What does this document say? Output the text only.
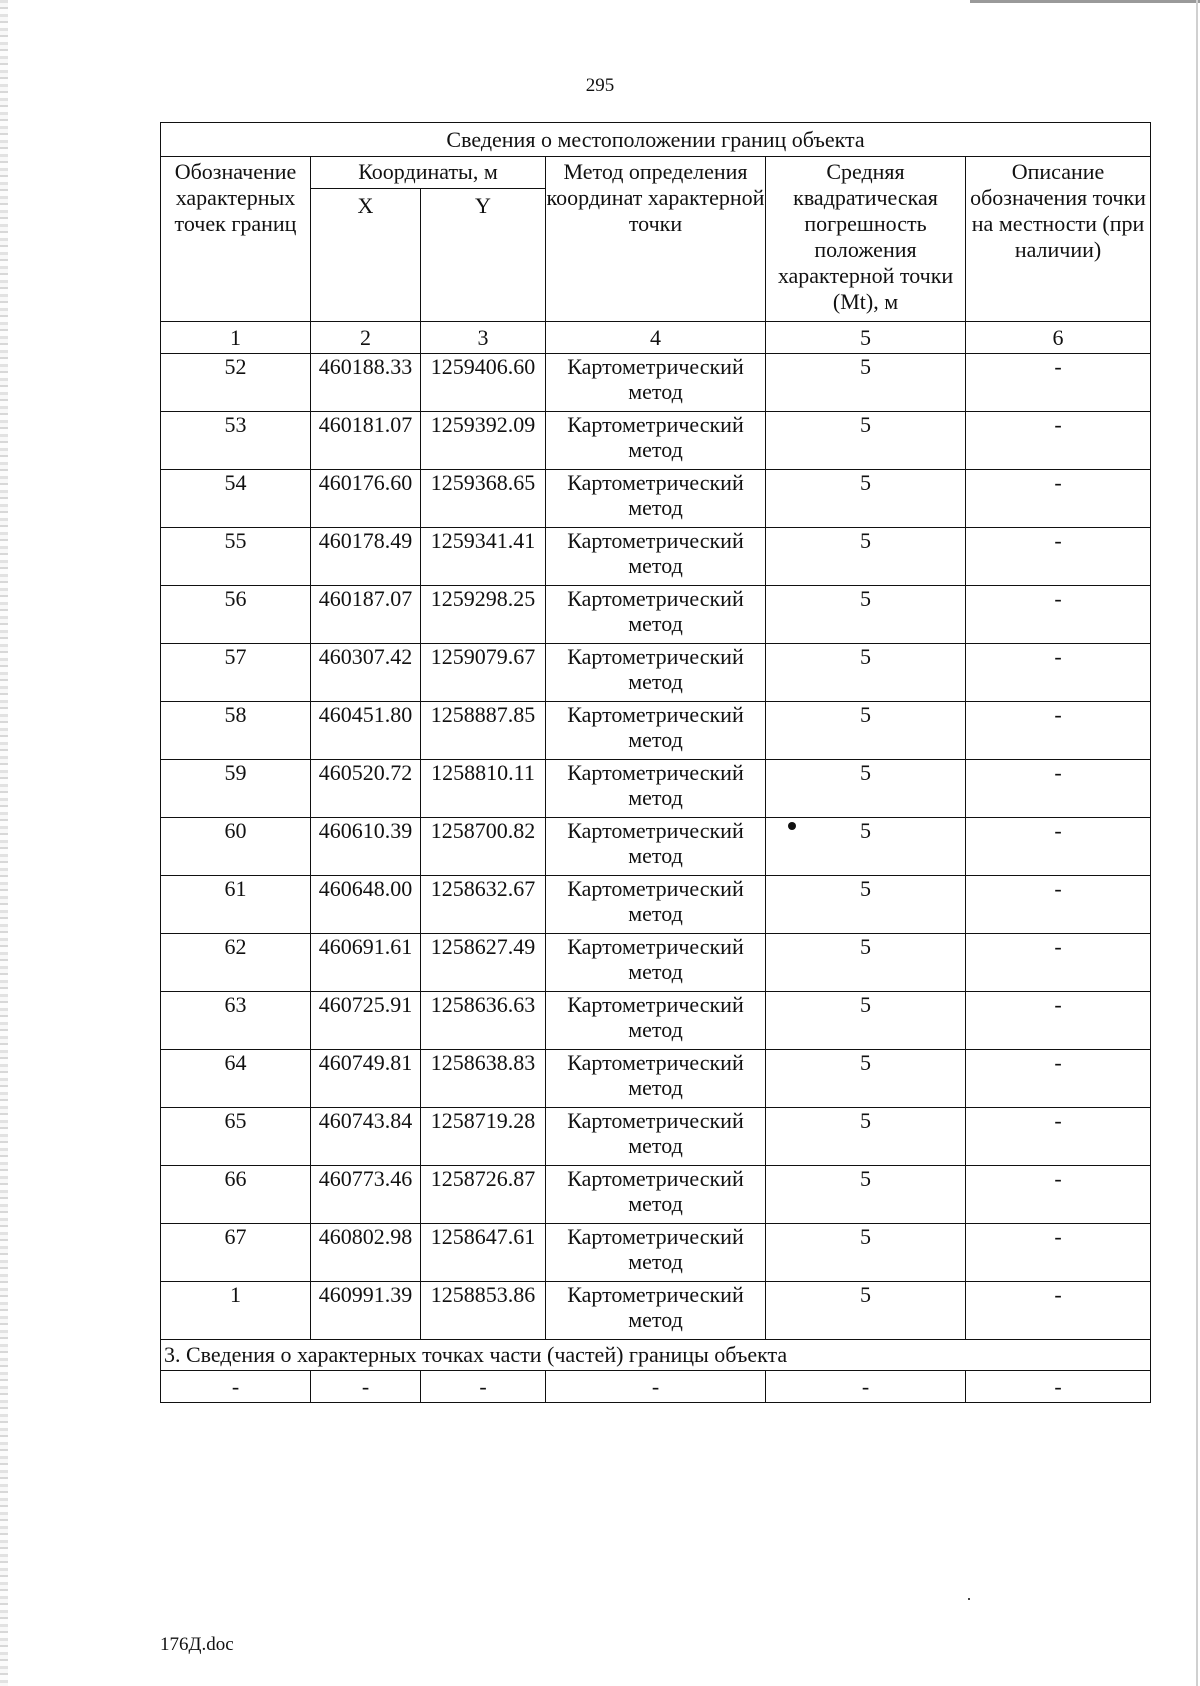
295
Сведения о местоположении границ объекта					
Обозначение характерных точек границ	Координаты, м		Метод определения координат характерной точки	Средняя квадратическая погрешность положения характерной точки (Mt), м	Описание обозначения точки на местности (при наличии)
	X	Y			
1	2	3	4	5	6
52	460188.33	1259406.60	Картометрический метод	5	-
53	460181.07	1259392.09	Картометрический метод	5	-
54	460176.60	1259368.65	Картометрический метод	5	-
55	460178.49	1259341.41	Картометрический метод	5	-
56	460187.07	1259298.25	Картометрический метод	5	-
57	460307.42	1259079.67	Картометрический метод	5	-
58	460451.80	1258887.85	Картометрический метод	5	-
59	460520.72	1258810.11	Картометрический метод	5	-
60	460610.39	1258700.82	Картометрический метод	5	-
61	460648.00	1258632.67	Картометрический метод	5	-
62	460691.61	1258627.49	Картометрический метод	5	-
63	460725.91	1258636.63	Картометрический метод	5	-
64	460749.81	1258638.83	Картометрический метод	5	-
65	460743.84	1258719.28	Картометрический метод	5	-
66	460773.46	1258726.87	Картометрический метод	5	-
67	460802.98	1258647.61	Картометрический метод	5	-
1	460991.39	1258853.86	Картометрический метод	5	-
3. Сведения о характерных точках части (частей) границы объекта					
-	-	-	-	-	-
176Д.doc
